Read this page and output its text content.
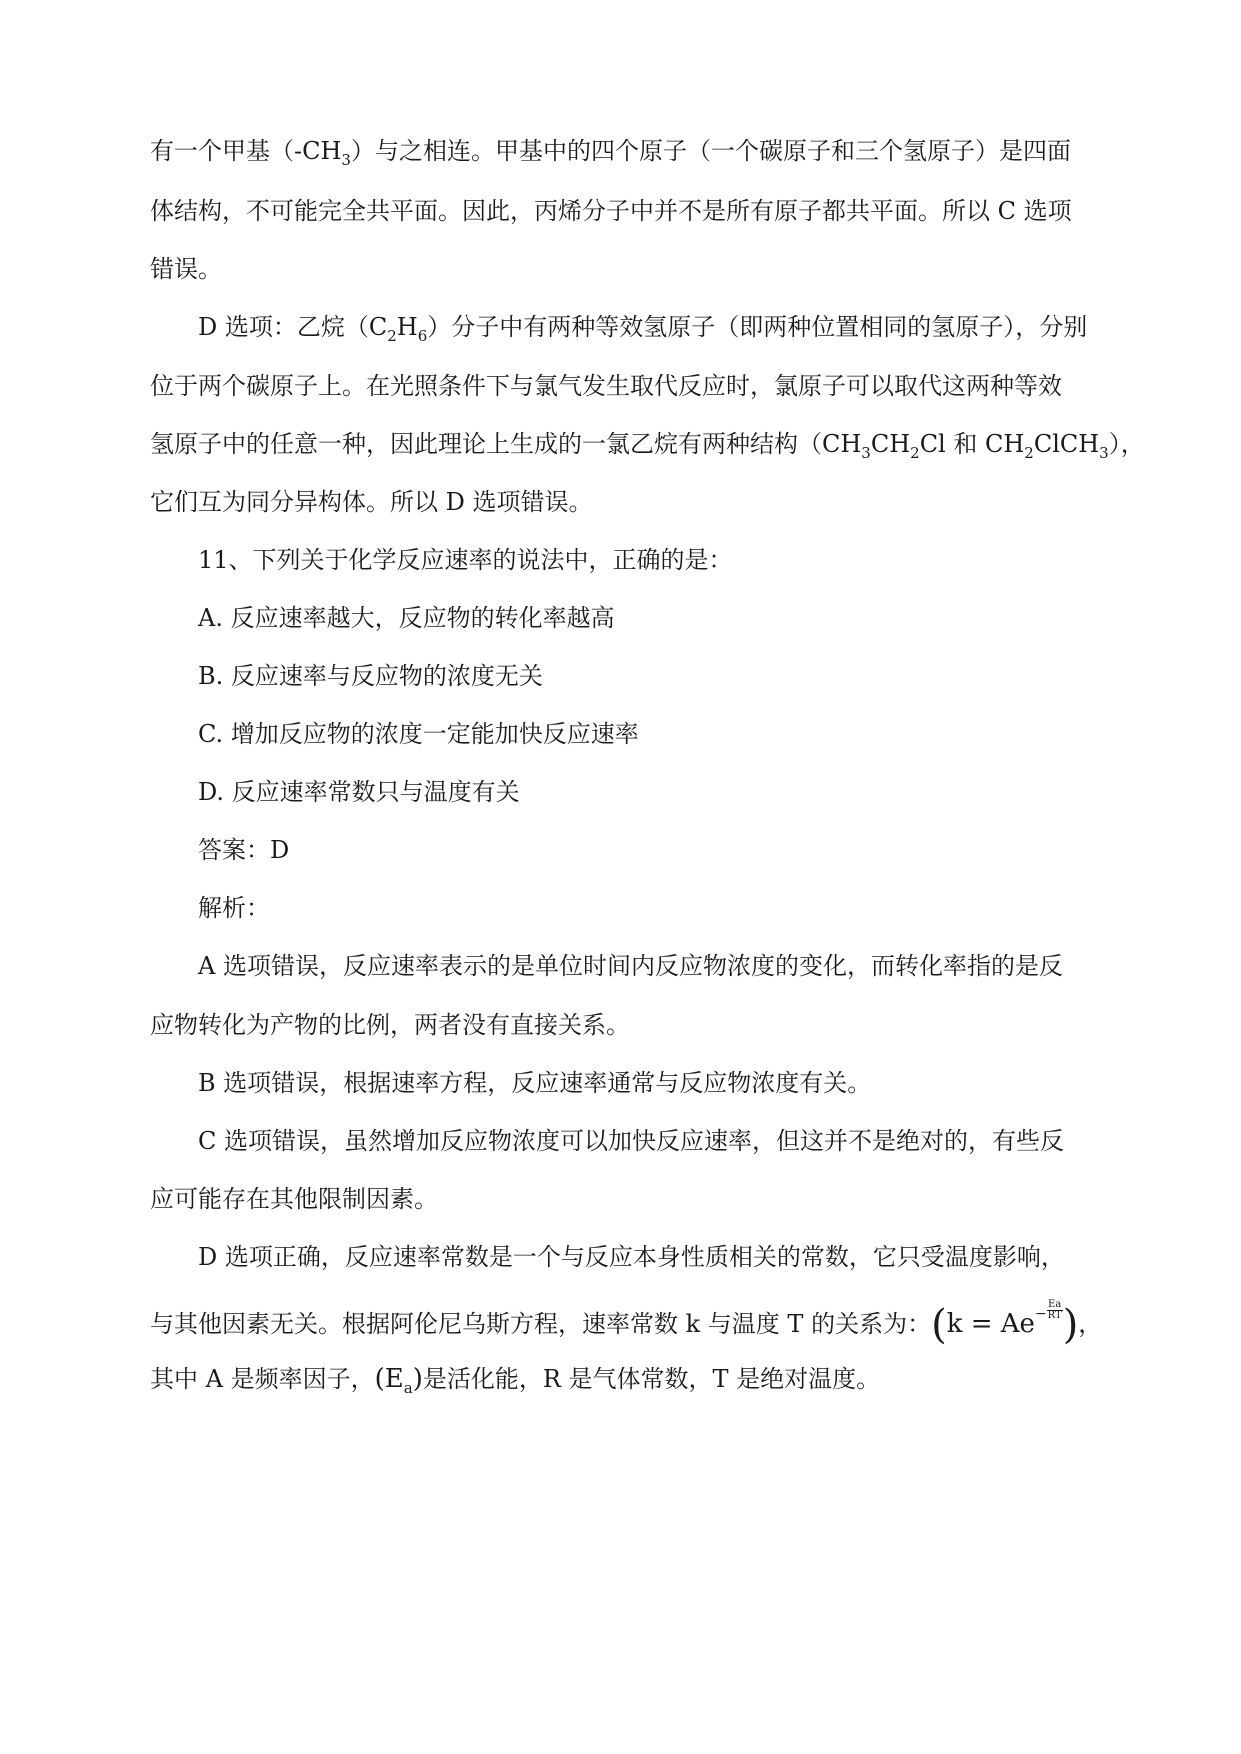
有一个甲基$(-CH_3)$与之相连。甲基中的四个原子（一个碳原子和三个氢原子）是四面
体结构，不可能完全共平面。因此，丙烯分子中并不是所有原子都共平面。所以 C 选项
错误。
D 选项：乙烷$(C_2H_6)$分子中有两种等效氢原子（即两种位置相同的氢原子），分别
位于两个碳原子上。在光照条件下与氯气发生取代反应时，氯原子可以取代这两种等效
氢原子中的任意一种，因此理论上生成的一氯乙烷有两种结构（$CH_3CH_2Cl$ 和 $CH_2ClCH_3$），
它们互为同分异构体。所以 D 选项错误。
11、下列关于化学反应速率的说法中，正确的是：
A. 反应速率越大，反应物的转化率越高
B. 反应速率与反应物的浓度无关
C. 增加反应物的浓度一定能加快反应速率
D. 反应速率常数只与温度有关
答案：D
解析：
A 选项错误，反应速率表示的是单位时间内反应物浓度的变化，而转化率指的是反
应物转化为产物的比例，两者没有直接关系。
B 选项错误，根据速率方程，反应速率通常与反应物浓度有关。
C 选项错误，虽然增加反应物浓度可以加快反应速率，但这并不是绝对的，有些反
应可能存在其他限制因素。
D 选项正确，反应速率常数是一个与反应本身性质相关的常数，它只受温度影响，
与其他因素无关。根据阿伦尼乌斯方程，速率常数 k 与温度 T 的关系为：($k = Ae^- \frac{Ea}{RT}$ )，
其中 A 是频率因子，$(E_a)$是活化能，R 是气体常数，T 是绝对温度。
